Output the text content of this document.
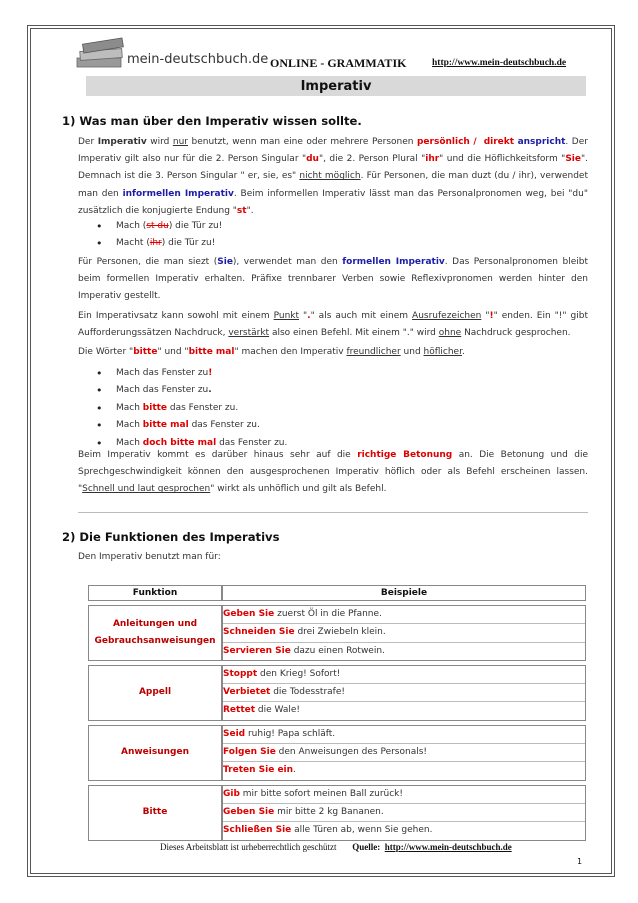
mein-deutschbuch.de ONLINE - GRAMMATIK	http://www.mein-deutschbuch.de
Imperativ
1) Was man über den Imperativ wissen sollte.
Der Imperativ wird nur benutzt, wenn man eine oder mehrere Personen persönlich / direkt anspricht. Der Imperativ gilt also nur für die 2. Person Singular "du", die 2. Person Plural "ihr" und die Höflichkeitsform "Sie". Demnach ist die 3. Person Singular " er, sie, es" nicht möglich. Für Personen, die man duzt (du / ihr), verwendet man den informellen Imperativ. Beim informellen Imperativ lässt man das Personalpronomen weg, bei "du" zusätzlich die konjugierte Endung "st".
• Mach (st du) die Tür zu!
• Macht (ihr) die Tür zu!
Für Personen, die man siezt (Sie), verwendet man den formellen Imperativ. Das Personalpronomen bleibt beim formellen Imperativ erhalten. Präfixe trennbarer Verben sowie Reflexivpronomen werden hinter den Imperativ gestellt.
Ein Imperativsatz kann sowohl mit einem Punkt "." als auch mit einem Ausrufezeichen "!" enden. Ein "!" gibt Aufforderungssätzen Nachdruck, verstärkt also einen Befehl. Mit einem "." wird ohne Nachdruck gesprochen.
Die Wörter "bitte" und "bitte mal" machen den Imperativ freundlicher und höflicher.
• Mach das Fenster zu!
• Mach das Fenster zu.
• Mach bitte das Fenster zu.
• Mach bitte mal das Fenster zu.
• Mach doch bitte mal das Fenster zu.
Beim Imperativ kommt es darüber hinaus sehr auf die richtige Betonung an. Die Betonung und die Sprechgeschwindigkeit können den ausgesprochenen Imperativ höflich oder als Befehl erscheinen lassen. "Schnell und laut gesprochen" wirkt als unhöflich und gilt als Befehl.
2) Die Funktionen des Imperativs
Den Imperativ benutzt man für:
Funktion	Beispiele
Anleitungen und Gebrauchsanweisungen	Geben Sie zuerst Öl in die Pfanne.
Schneiden Sie drei Zwiebeln klein.
Servieren Sie dazu einen Rotwein.

Appell	Stoppt den Krieg! Sofort!
Verbietet die Todesstrafe!
Rettet die Wale!

Anweisungen	Seid ruhig! Papa schläft.
Folgen Sie den Anweisungen des Personals!
Treten Sie ein.

Bitte	Gib mir bitte sofort meinen Ball zurück!
Geben Sie mir bitte 2 kg Bananen.
Schließen Sie alle Türen ab, wenn Sie gehen.
Dieses Arbeitsblatt ist urheberrechtlich geschützt Quelle: http://www.mein-deutschbuch.de
1
